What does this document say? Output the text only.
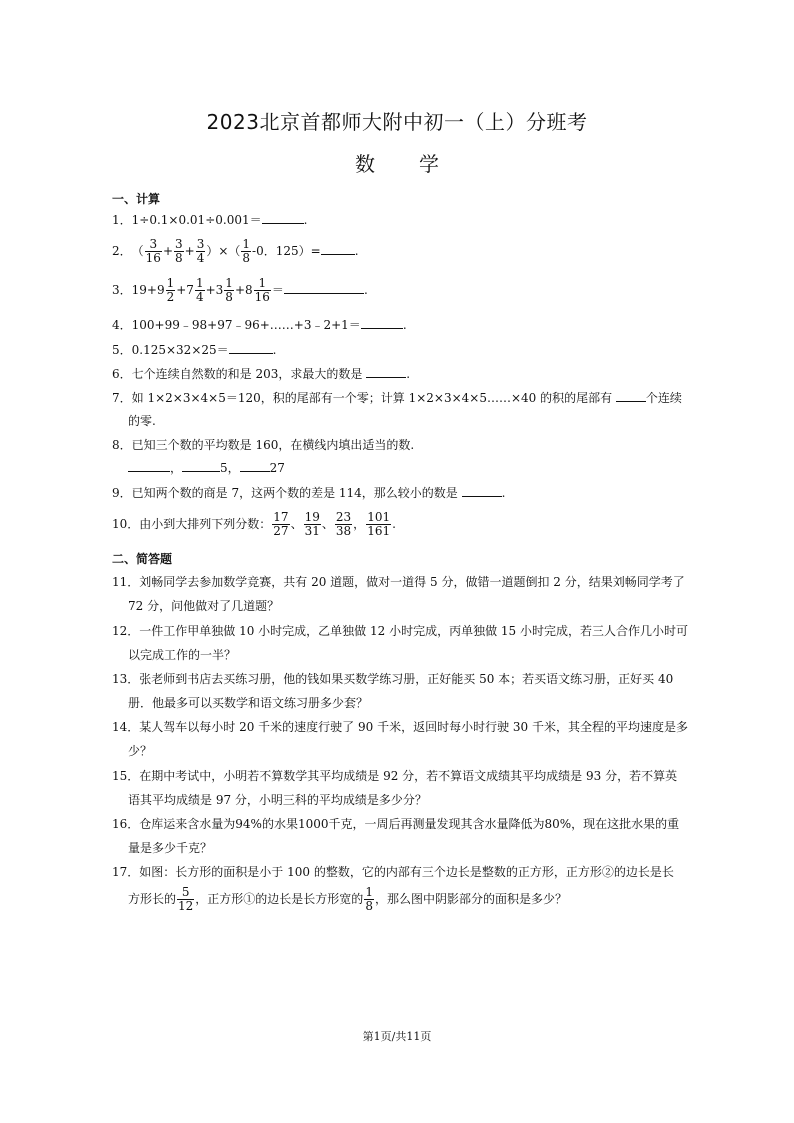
2023北京首都师大附中初一（上）分班考
数 学
一、计算
1．1÷0.1×0.01÷0.001＝	.
2．（ $\frac{3}{16} + \frac{3}{8} + \frac{3}{4}$ ）×（ $\frac{1}{8} -0$．125）=	.
3．$19+9 \frac{1}{2} +7 \frac{1}{4} +3 \frac{1}{8} +8 \frac{1}{16}$ ＝	.
4．100+99﹣98+97﹣96+……+3﹣2+1＝	.
5．0.125×32×25＝	.
6．七个连续自然数的和是 203，求最大的数是	.
7．如 1×2×3×4×5＝120，积的尾部有一个零；计算 1×2×3×4×5……×40 的积的尾部有	个连续
的零.
8．已知三个数的平均数是 160，在横线内填出适当的数.
，	5，	27
9．已知两个数的商是 7，这两个数的差是 114，那么较小的数是	.
10．由小到大排列下列分数： $\frac{17}{27}$ 、 $\frac{19}{31}$ 、 $\frac{23}{38}$ ， $\frac{101}{161}$ .
二、简答题
11．刘畅同学去参加数学竞赛，共有 20 道题，做对一道得 5 分，做错一道题倒扣 2 分，结果刘畅同学考了
72 分，问他做对了几道题？
12．一件工作甲单独做 10 小时完成，乙单独做 12 小时完成，丙单独做 15 小时完成，若三人合作几小时可
以完成工作的一半？
13．张老师到书店去买练习册，他的钱如果买数学练习册，正好能买 50 本；若买语文练习册，正好买 40
册．他最多可以买数学和语文练习册多少套？
14．某人驾车以每小时 20 千米的速度行驶了 90 千米，返回时每小时行驶 30 千米，其全程的平均速度是多
少？
15．在期中考试中，小明若不算数学其平均成绩是 92 分，若不算语文成绩其平均成绩是 93 分，若不算英
语其平均成绩是 97 分，小明三科的平均成绩是多少分？
16．仓库运来含水量为94%的水果1000千克，一周后再测量发现其含水量降低为80%，现在这批水果的重
量是多少千克？
17．如图：长方形的面积是小于 100 的整数，它的内部有三个边长是整数的正方形，正方形②的边长是长
方形长的 $\frac{5}{12}$ ，正方形①的边长是长方形宽的 $\frac{1}{8}$ ，那么图中阴影部分的面积是多少？
第1页/共11页
